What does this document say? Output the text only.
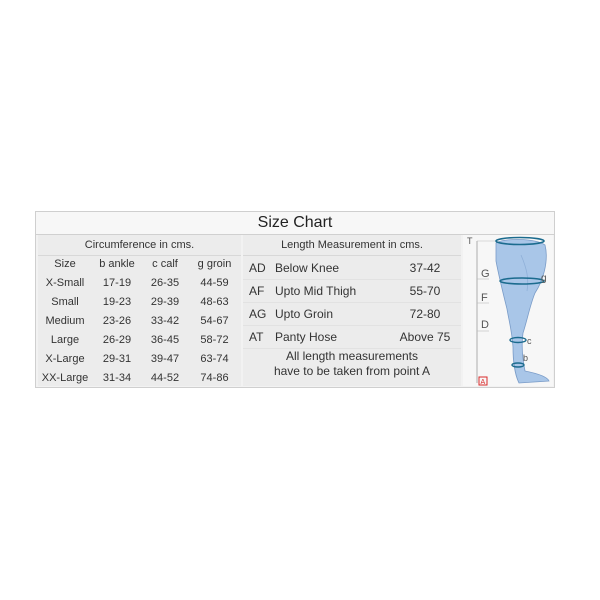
Size Chart
Circumference in cms.
Size	b ankle	c calf	g groin
X-Small	17-19	26-35	44-59
Small	19-23	29-39	48-63
Medium	23-26	33-42	54-67
Large	26-29	36-45	58-72
X-Large	29-31	39-47	63-74
XX-Large	31-34	44-52	74-86
Length Measurement in cms.
AD Below Knee	37-42
AF Upto Mid Thigh	55-70
AG Upto Groin	72-80
AT Panty Hose	Above 75
All length measurements
have to be taken from point A
T
G
F
D
g
c
b
A
